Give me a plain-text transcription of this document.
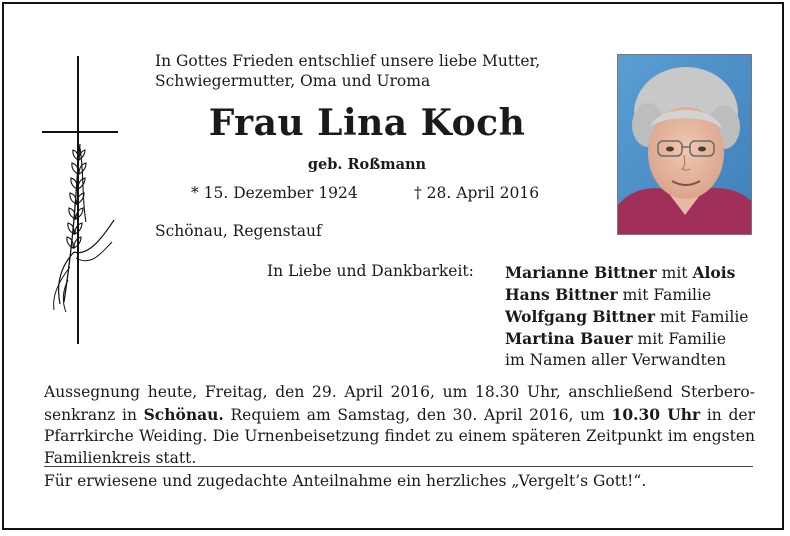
In Gottes Frieden entschlief unsere liebe Mutter,
Schwiegermutter, Oma und Uroma
Frau Lina Koch
geb. Roßmann
* 15. Dezember 1924	† 28. April 2016
Schönau, Regenstauf
In Liebe und Dankbarkeit: Marianne Bittner mit Alois
Hans Bittner mit Familie
Wolfgang Bittner mit Familie
Martina Bauer mit Familie
im Namen aller Verwandten
Aussegnung heute, Freitag, den 29. April 2016, um 18.30 Uhr, anschließend Sterbero-senkranz in Schönau. Requiem am Samstag, den 30. April 2016, um 10.30 Uhr in der Pfarrkirche Weiding. Die Urnenbeisetzung findet zu einem späteren Zeitpunkt im engsten Familienkreis statt.
Für erwiesene und zugedachte Anteilnahme ein herzliches „Vergelt’s Gott!“.
